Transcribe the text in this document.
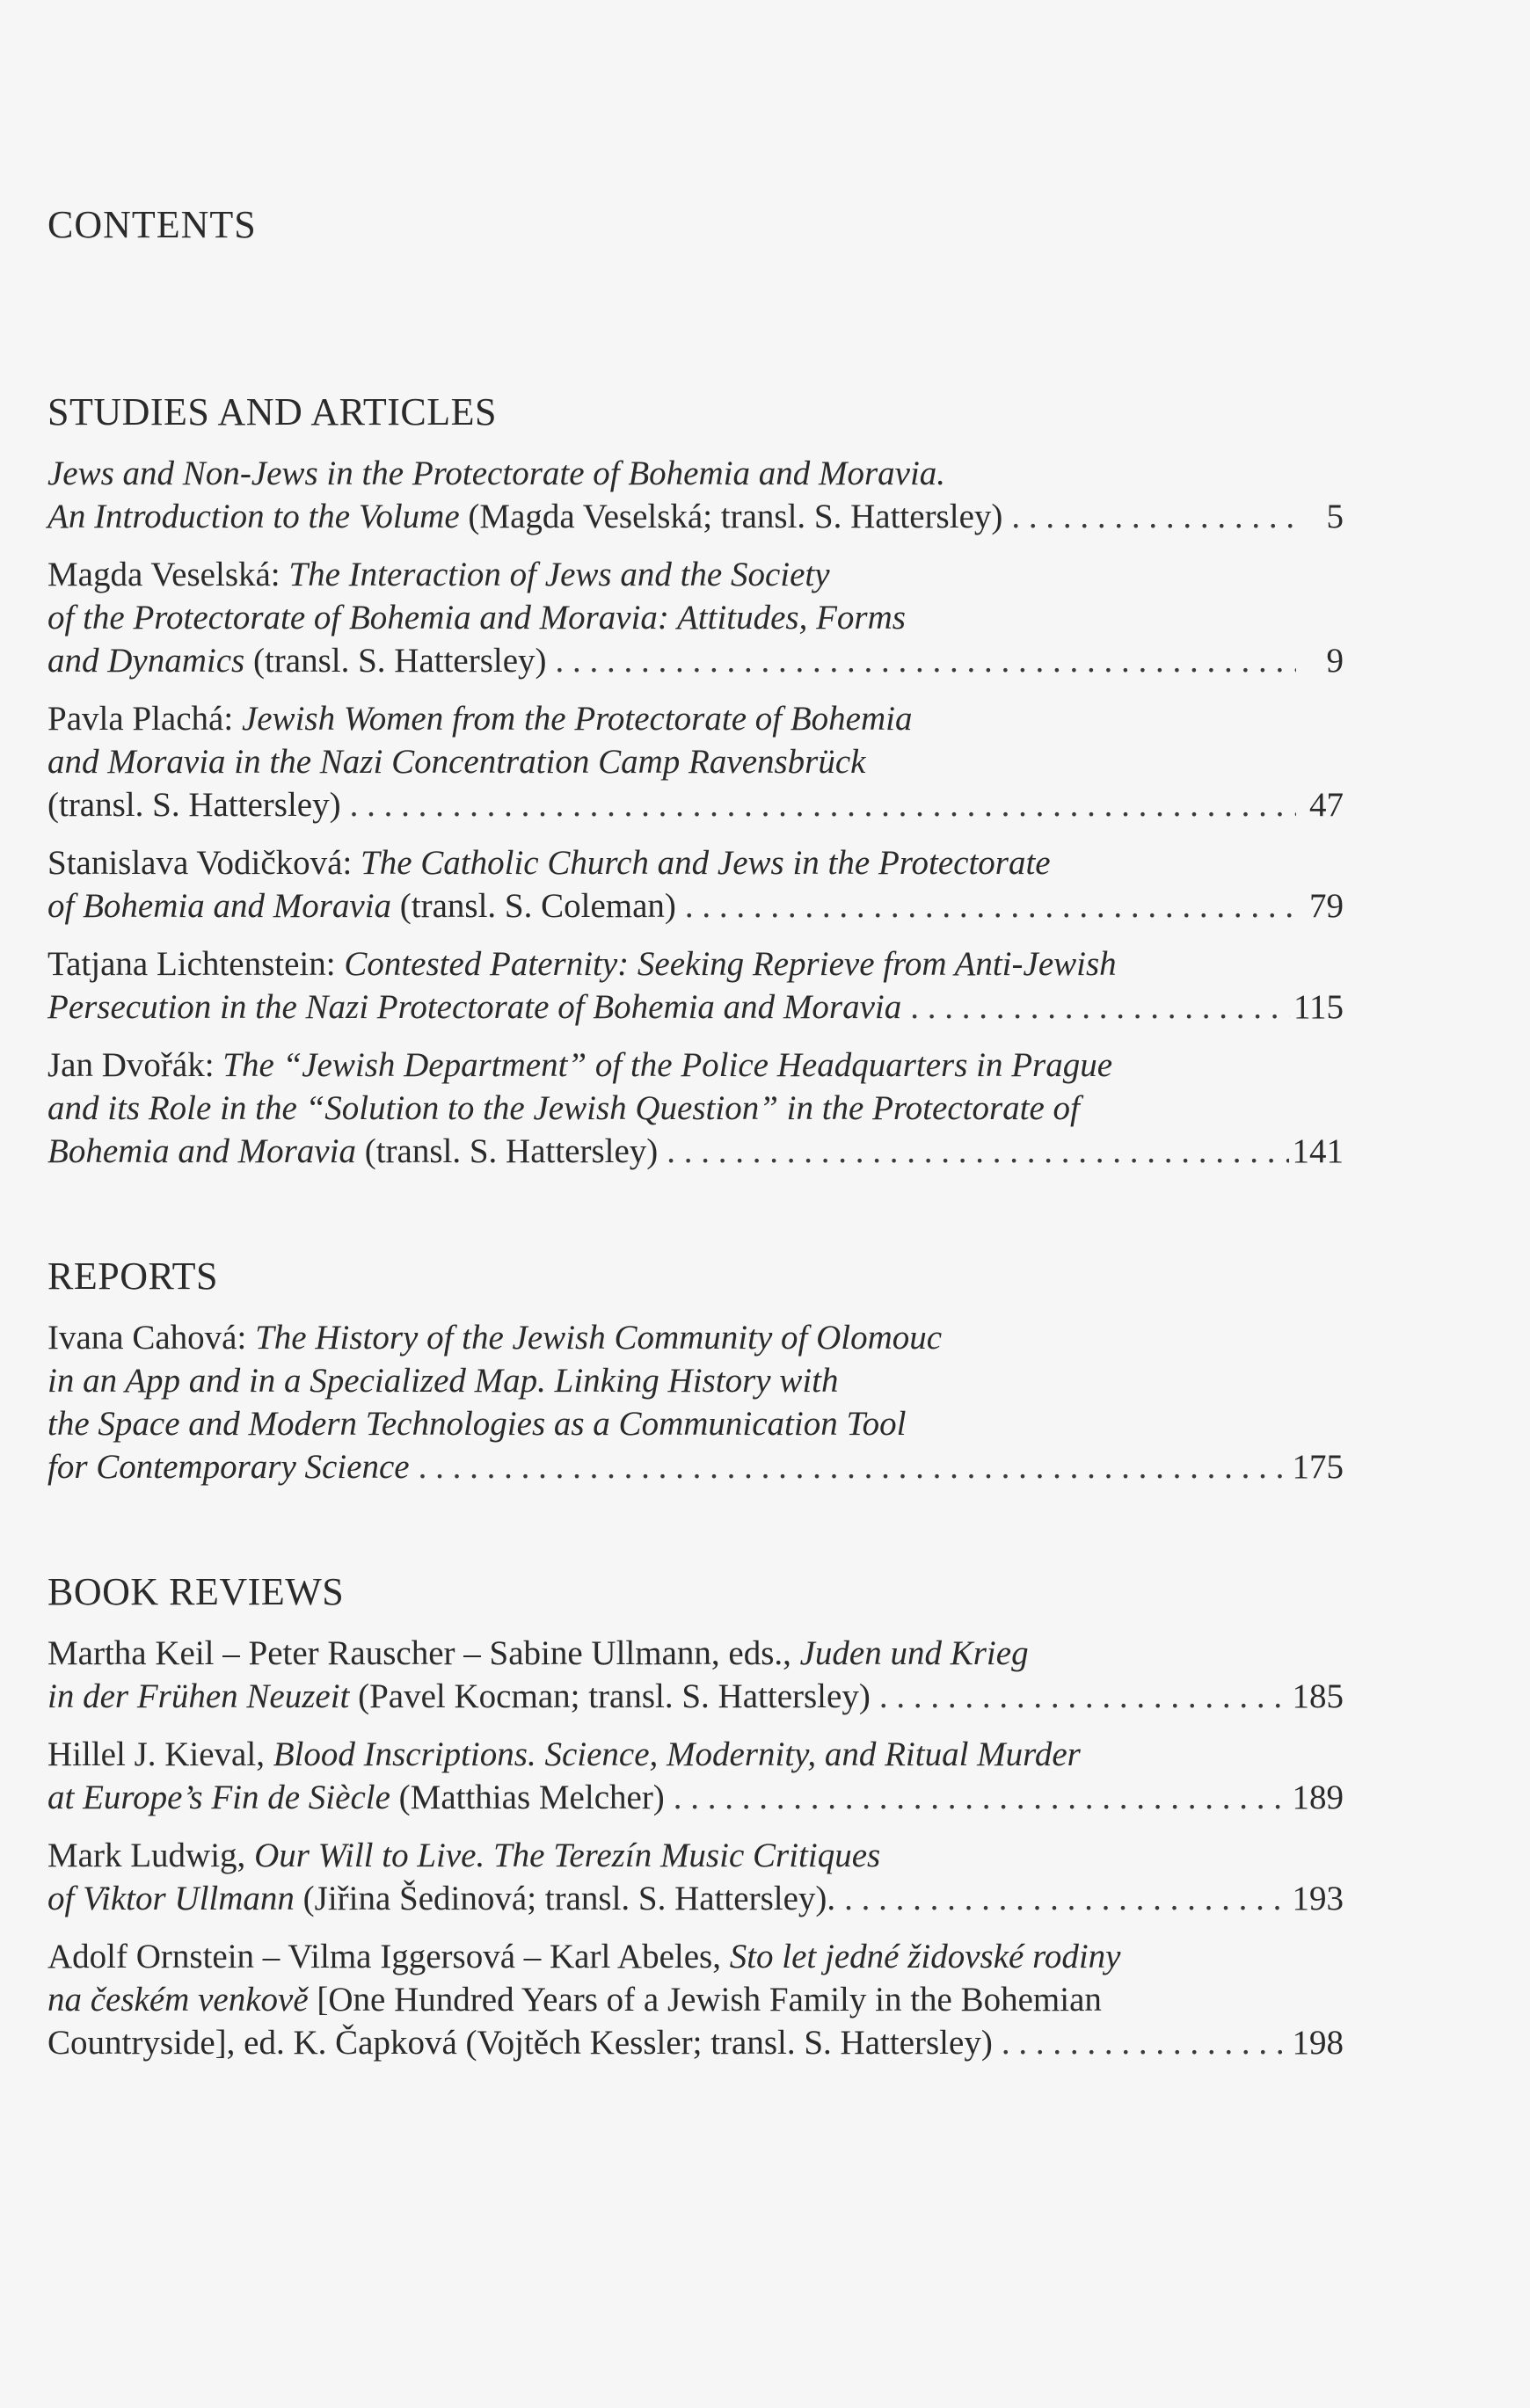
CONTENTS
STUDIES AND ARTICLES
Jews and Non-Jews in the Protectorate of Bohemia and Moravia.
An Introduction to the Volume (Magda Veselská; transl. S. Hattersley) . . .	5
Magda Veselská: The Interaction of Jews and the Society
of the Protectorate of Bohemia and Moravia: Attitudes, Forms
and Dynamics (transl. S. Hattersley) . . .	9
Pavla Plachá: Jewish Women from the Protectorate of Bohemia
and Moravia in the Nazi Concentration Camp Ravensbrück
(transl. S. Hattersley) . . .	47
Stanislava Vodičková: The Catholic Church and Jews in the Protectorate
of Bohemia and Moravia (transl. S. Coleman) . . .	79
Tatjana Lichtenstein: Contested Paternity: Seeking Reprieve from Anti-Jewish
Persecution in the Nazi Protectorate of Bohemia and Moravia . . .	115
Jan Dvořák: The “Jewish Department” of the Police Headquarters in Prague
and its Role in the “Solution to the Jewish Question” in the Protectorate of
Bohemia and Moravia (transl. S. Hattersley) . . .	141
REPORTS
Ivana Cahová: The History of the Jewish Community of Olomouc
in an App and in a Specialized Map. Linking History with
the Space and Modern Technologies as a Communication Tool
for Contemporary Science . . .	175
BOOK REVIEWS
Martha Keil – Peter Rauscher – Sabine Ullmann, eds., Juden und Krieg
in der Frühen Neuzeit (Pavel Kocman; transl. S. Hattersley) . . .	185
Hillel J. Kieval, Blood Inscriptions. Science, Modernity, and Ritual Murder
at Europe’s Fin de Siècle (Matthias Melcher) . . .	189
Mark Ludwig, Our Will to Live. The Terezín Music Critiques
of Viktor Ullmann (Jiřina Šedinová; transl. S. Hattersley). . . .	193
Adolf Ornstein – Vilma Iggersová – Karl Abeles, Sto let jedné židovské rodiny
na českém venkově [One Hundred Years of a Jewish Family in the Bohemian
Countryside], ed. K. Čapková (Vojtěch Kessler; transl. S. Hattersley) . . .	198
